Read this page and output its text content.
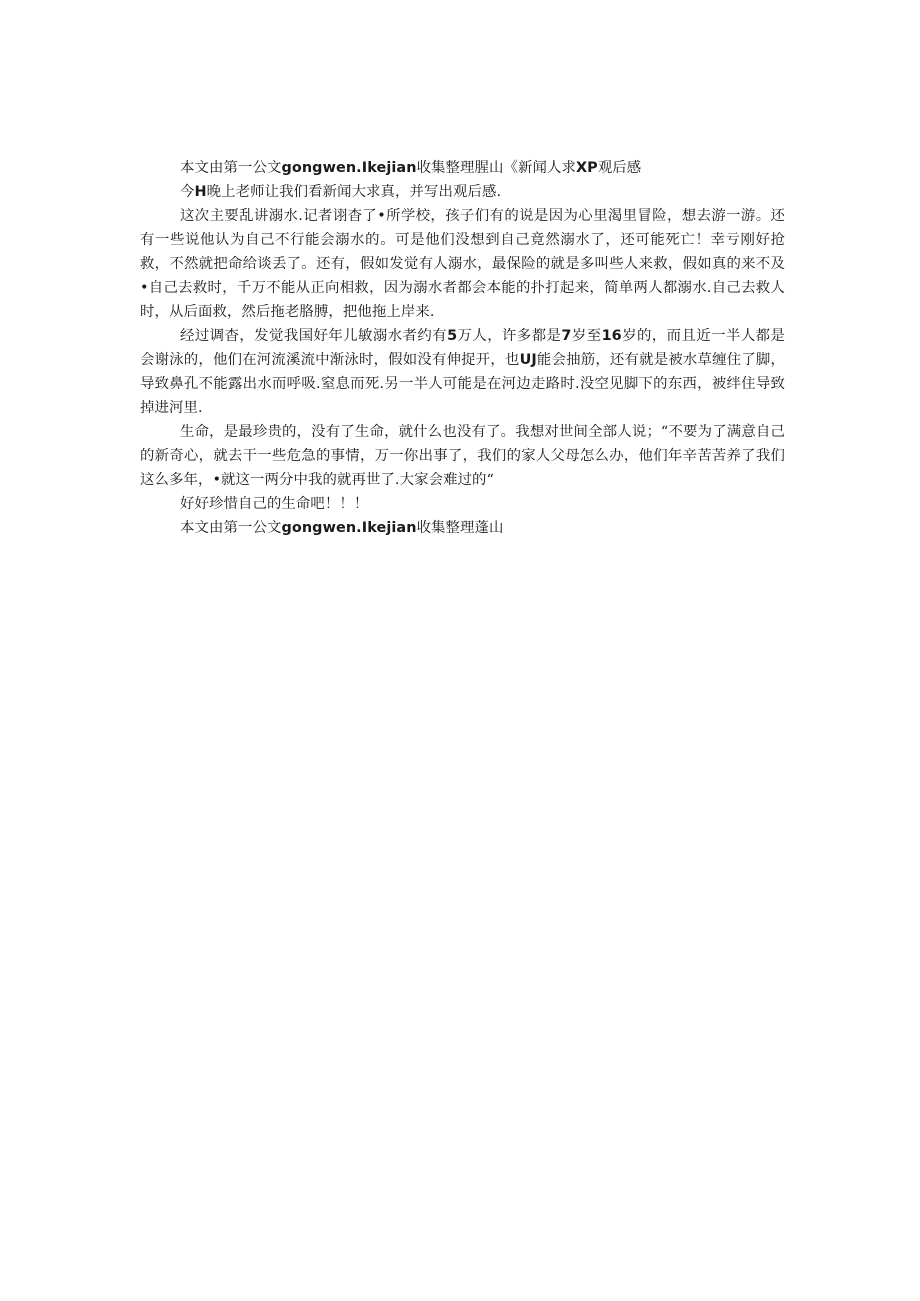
本文由第一公文gongwen.Ikejian收集整理腥山《新闻人求XP观后感

今H晚上老师让我们看新闻大求真，并写出观后感.

这次主要乱讲溺水.记者诩杳了•所学校，孩子们有的说是因为心里渴里冒险，想去游一游。还有一些说他认为自己不行能会溺水的。可是他们没想到自己竟然溺水了，还可能死亡！幸亏刚好抢救，不然就把命给谈丢了。还有，假如发觉有人溺水，最保险的就是多叫些人来救，假如真的来不及•自己去救时，千万不能从正向相救，因为溺水者都会本能的扑打起来，简单两人都溺水.自己去救人时，从后面救，然后拖老胳膊，把他拖上岸来.

经过调杳，发觉我国好年儿敏溺水者约有5万人，许多都是7岁至16岁的，而且近一半人都是会谢泳的，他们在河流溪流中渐泳时，假如没有伸捉开，也UJ能会抽筋，还有就是被水草缠住了脚，导致鼻孔不能露出水而呼吸.窒息而死.另一半人可能是在河边走路时.没空见脚下的东西，被绊住导致掉进河里.

生命，是最珍贵的，没有了生命，就什么也没有了。我想对世间全部人说；“不要为了满意自己的新奇心，就去干一些危急的事情，万一你出事了，我们的家人父母怎么办，他们年辛苦苦养了我们这么多年，•就这一两分中我的就再世了.大家会难过的“

好好珍惜自己的生命吧！！！

本文由第一公文gongwen.Ikejian收集整理蓬山
